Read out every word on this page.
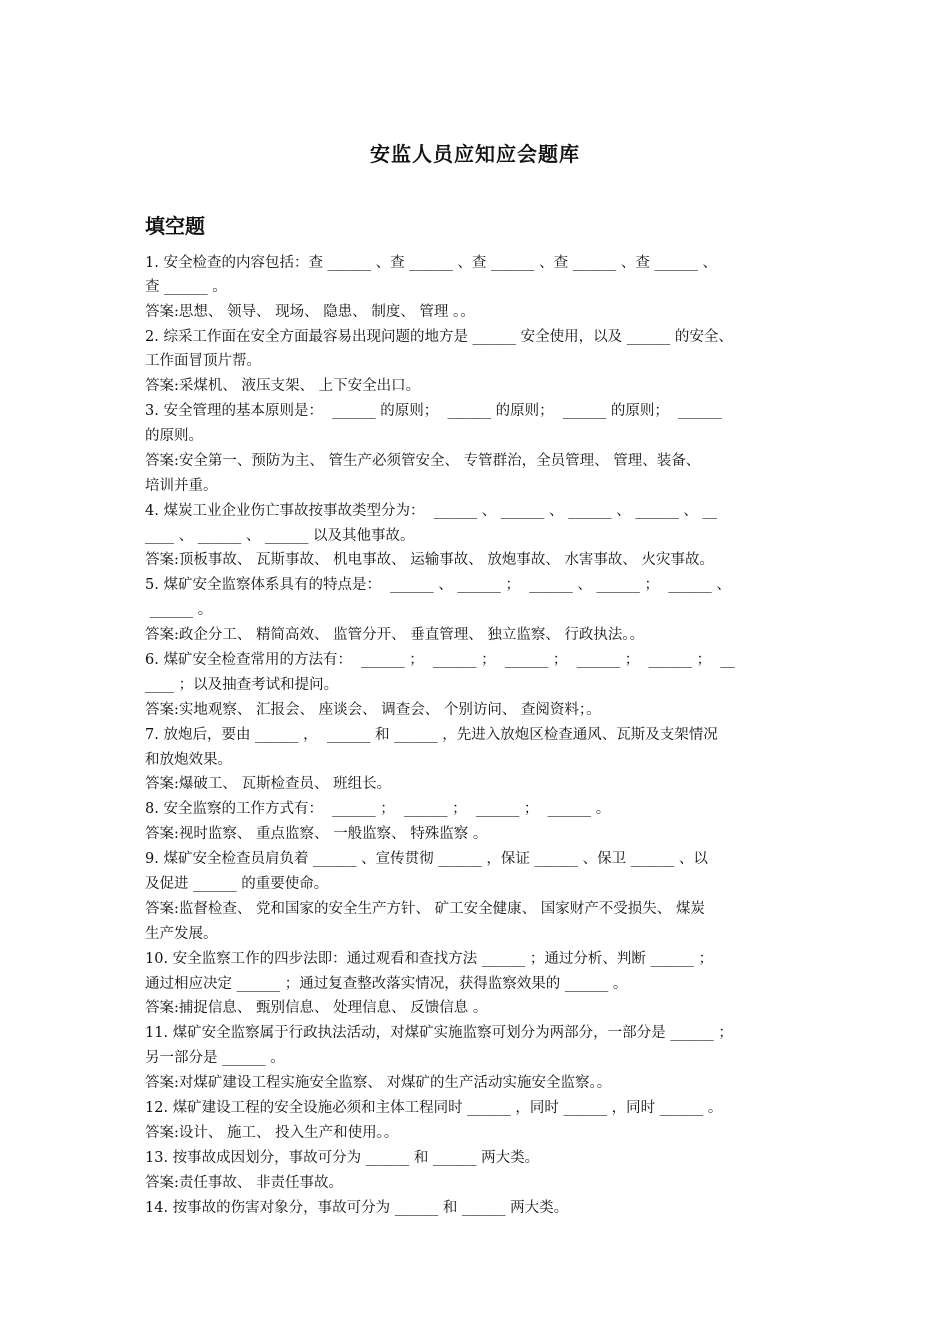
安监人员应知应会题库
填空题
1. 安全检查的内容包括：查 ______ 、查 ______ 、查 ______ 、查 ______ 、查 ______ 、
查 ______ 。
答案:思想、 领导、 现场、 隐患、 制度、 管理 。。
2. 综采工作面在安全方面最容易出现问题的地方是 ______ 安全使用，以及 ______ 的安全、
工作面冒顶片帮。
答案:采煤机、 液压支架、 上下安全出口。
3. 安全管理的基本原则是：  ______ 的原则；  ______ 的原则；  ______ 的原则；  ______
的原则。
答案:安全第一、预防为主、 管生产必须管安全、 专管群治，全员管理、 管理、装备、
培训并重。
4. 煤炭工业企业伤亡事故按事故类型分为：  ______ 、 ______ 、 ______ 、 ______ 、 __
____ 、 ______ 、 ______ 以及其他事故。
答案:顶板事故、 瓦斯事故、 机电事故、 运输事故、 放炮事故、 水害事故、 火灾事故。
5. 煤矿安全监察体系具有的特点是：  ______ 、 ______ ；  ______ 、 ______ ；  ______ 、
______ 。
答案:政企分工、 精简高效、 监管分开、 垂直管理、 独立监察、 行政执法。。
6. 煤矿安全检查常用的方法有：  ______ ；  ______ ；  ______ ；  ______ ；  ______ ；  __
____ ；以及抽查考试和提问。
答案:实地观察、 汇报会、 座谈会、 调查会、 个别访问、 查阅资料；。
7. 放炮后，要由 ______ ，  ______ 和 ______ ，先进入放炮区检查通风、瓦斯及支架情况
和放炮效果。
答案:爆破工、 瓦斯检查员、 班组长。
8. 安全监察的工作方式有：  ______ ；  ______ ；  ______ ；  ______ 。
答案:视时监察、 重点监察、 一般监察、 特殊监察 。
9. 煤矿安全检查员肩负着 ______ 、宣传贯彻 ______ ，保证 ______ 、保卫 ______ 、以
及促进 ______ 的重要使命。
答案:监督检查、 党和国家的安全生产方针、 矿工安全健康、 国家财产不受损失、 煤炭
生产发展。
10. 安全监察工作的四步法即：通过观看和查找方法 ______ ；通过分析、判断 ______ ；
通过相应决定 ______ ；通过复查整改落实情况，获得监察效果的 ______ 。
答案:捕捉信息、 甄别信息、 处理信息、 反馈信息 。
11. 煤矿安全监察属于行政执法活动，对煤矿实施监察可划分为两部分，一部分是 ______ ；
另一部分是 ______ 。
答案:对煤矿建设工程实施安全监察、 对煤矿的生产活动实施安全监察。。
12. 煤矿建设工程的安全设施必须和主体工程同时 ______ ，同时 ______ ，同时 ______ 。
答案:设计、 施工、 投入生产和使用。。
13. 按事故成因划分，事故可分为 ______ 和 ______ 两大类。
答案:责任事故、 非责任事故。
14. 按事故的伤害对象分，事故可分为 ______ 和 ______ 两大类。
